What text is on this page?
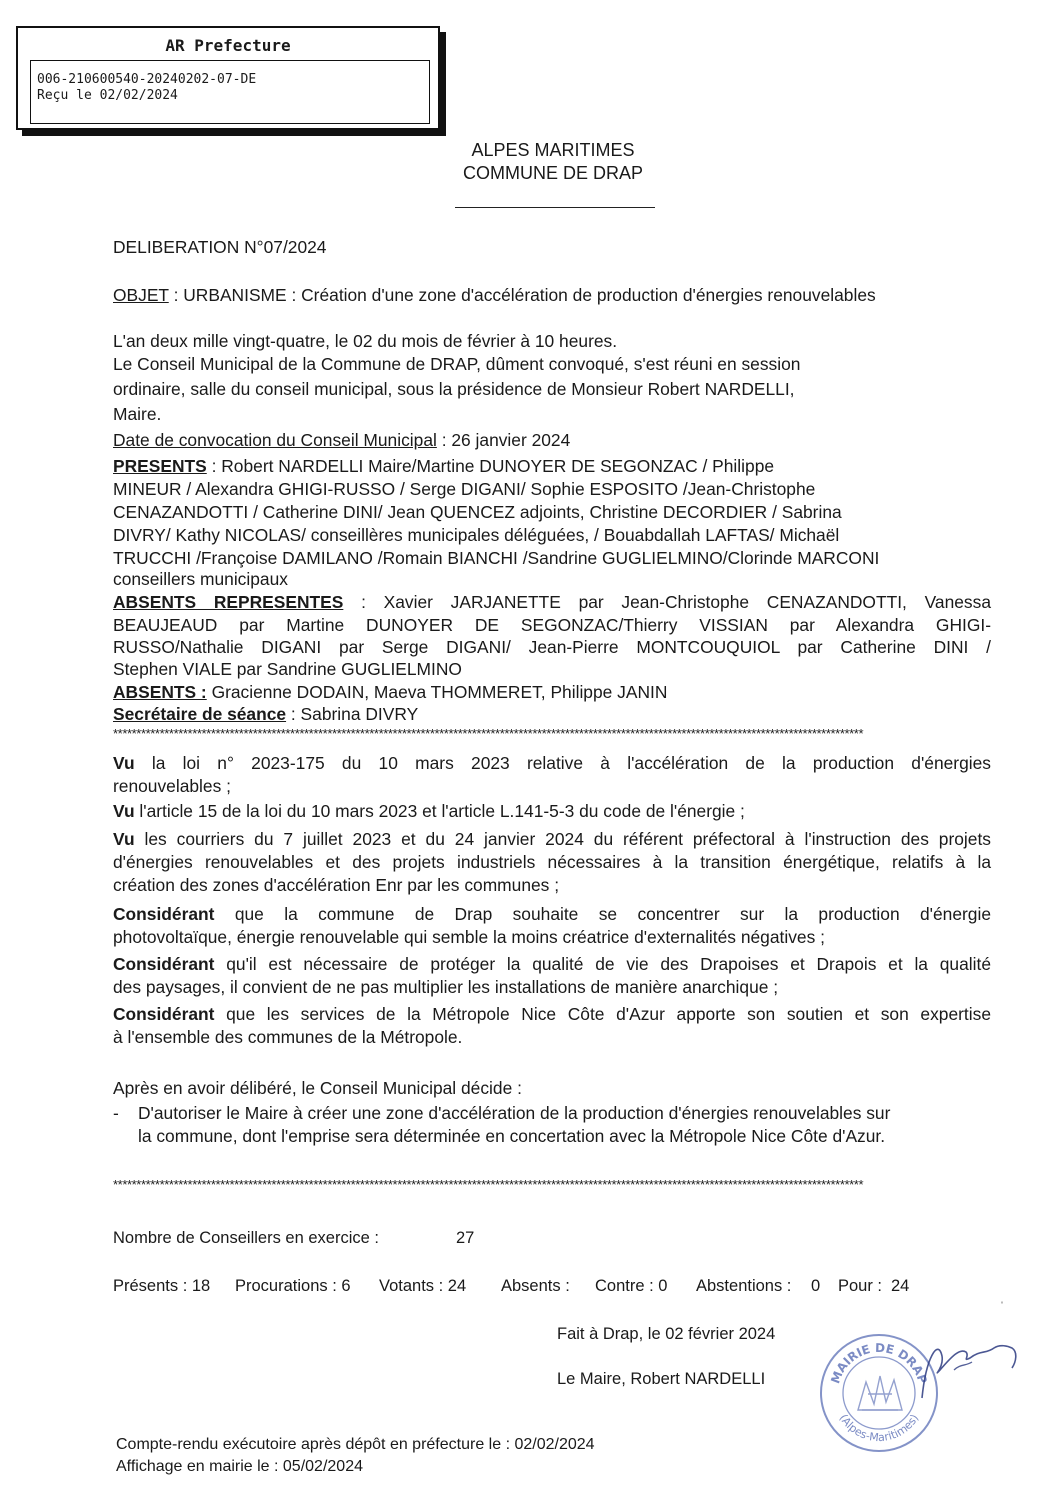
AR Prefecture
006-210600540-20240202-07-DE
Reçu le 02/02/2024
ALPES MARITIMES
COMMUNE DE DRAP
DELIBERATION N°07/2024
OBJET : URBANISME : Création d'une zone d'accélération de production d'énergies renouvelables
L'an deux mille vingt-quatre, le 02 du mois de février à 10 heures.
Le Conseil Municipal de la Commune de DRAP, dûment convoqué, s'est réuni en session
ordinaire, salle du conseil municipal, sous la présidence de Monsieur Robert NARDELLI,
Maire.
Date de convocation du Conseil Municipal : 26 janvier 2024
PRESENTS : Robert NARDELLI Maire/Martine DUNOYER DE SEGONZAC / Philippe
MINEUR / Alexandra GHIGI-RUSSO / Serge DIGANI/ Sophie ESPOSITO /Jean-Christophe
CENAZANDOTTI / Catherine DINI/ Jean QUENCEZ adjoints, Christine DECORDIER / Sabrina
DIVRY/ Kathy NICOLAS/ conseillères municipales déléguées, / Bouabdallah LAFTAS/ Michaël
TRUCCHI /Françoise DAMILANO /Romain BIANCHI /Sandrine GUGLIELMINO/Clorinde MARCONI
conseillers municipaux
ABSENTS REPRESENTES : Xavier JARJANETTE par Jean-Christophe CENAZANDOTTI, Vanessa
BEAUJEAUD par Martine DUNOYER DE SEGONZAC/Thierry VISSIAN par Alexandra GHIGI-
RUSSO/Nathalie DIGANI par Serge DIGANI/ Jean-Pierre MONTCOUQUIOL par Catherine DINI /
Stephen VIALE par Sandrine GUGLIELMINO
ABSENTS : Gracienne DODAIN, Maeva THOMMERET, Philippe JANIN
Secrétaire de séance : Sabrina DIVRY
*****************************************************************************************************************************************************************
Vu la loi n° 2023-175 du 10 mars 2023 relative à l'accélération de la production d'énergies
renouvelables ;
Vu l'article 15 de la loi du 10 mars 2023 et l'article L.141-5-3 du code de l'énergie ;
Vu les courriers du 7 juillet 2023 et du 24 janvier 2024 du référent préfectoral à l'instruction des projets
d'énergies renouvelables et des projets industriels nécessaires à la transition énergétique, relatifs à la
création des zones d'accélération Enr par les communes ;
Considérant que la commune de Drap souhaite se concentrer sur la production d'énergie
photovoltaïque, énergie renouvelable qui semble la moins créatrice d'externalités négatives ;
Considérant qu'il est nécessaire de protéger la qualité de vie des Drapoises et Drapois et la qualité
des paysages, il convient de ne pas multiplier les installations de manière anarchique ;
Considérant que les services de la Métropole Nice Côte d'Azur apporte son soutien et son expertise
à l'ensemble des communes de la Métropole.
Après en avoir délibéré, le Conseil Municipal décide :
- D'autoriser le Maire à créer une zone d'accélération de la production d'énergies renouvelables sur
la commune, dont l'emprise sera déterminée en concertation avec la Métropole Nice Côte d'Azur.
*****************************************************************************************************************************************************************
Nombre de Conseillers en exercice :	27
Présents : 18 Procurations : 6 Votants : 24 Absents : Contre : 0 Abstentions : 0 Pour : 24
Fait à Drap, le 02 février 2024
Le Maire, Robert NARDELLI	MAIRIE DE DRAP
(Alpes-Maritimes)
ˌ
Compte-rendu exécutoire après dépôt en préfecture le : 02/02/2024
Affichage en mairie le : 05/02/2024
